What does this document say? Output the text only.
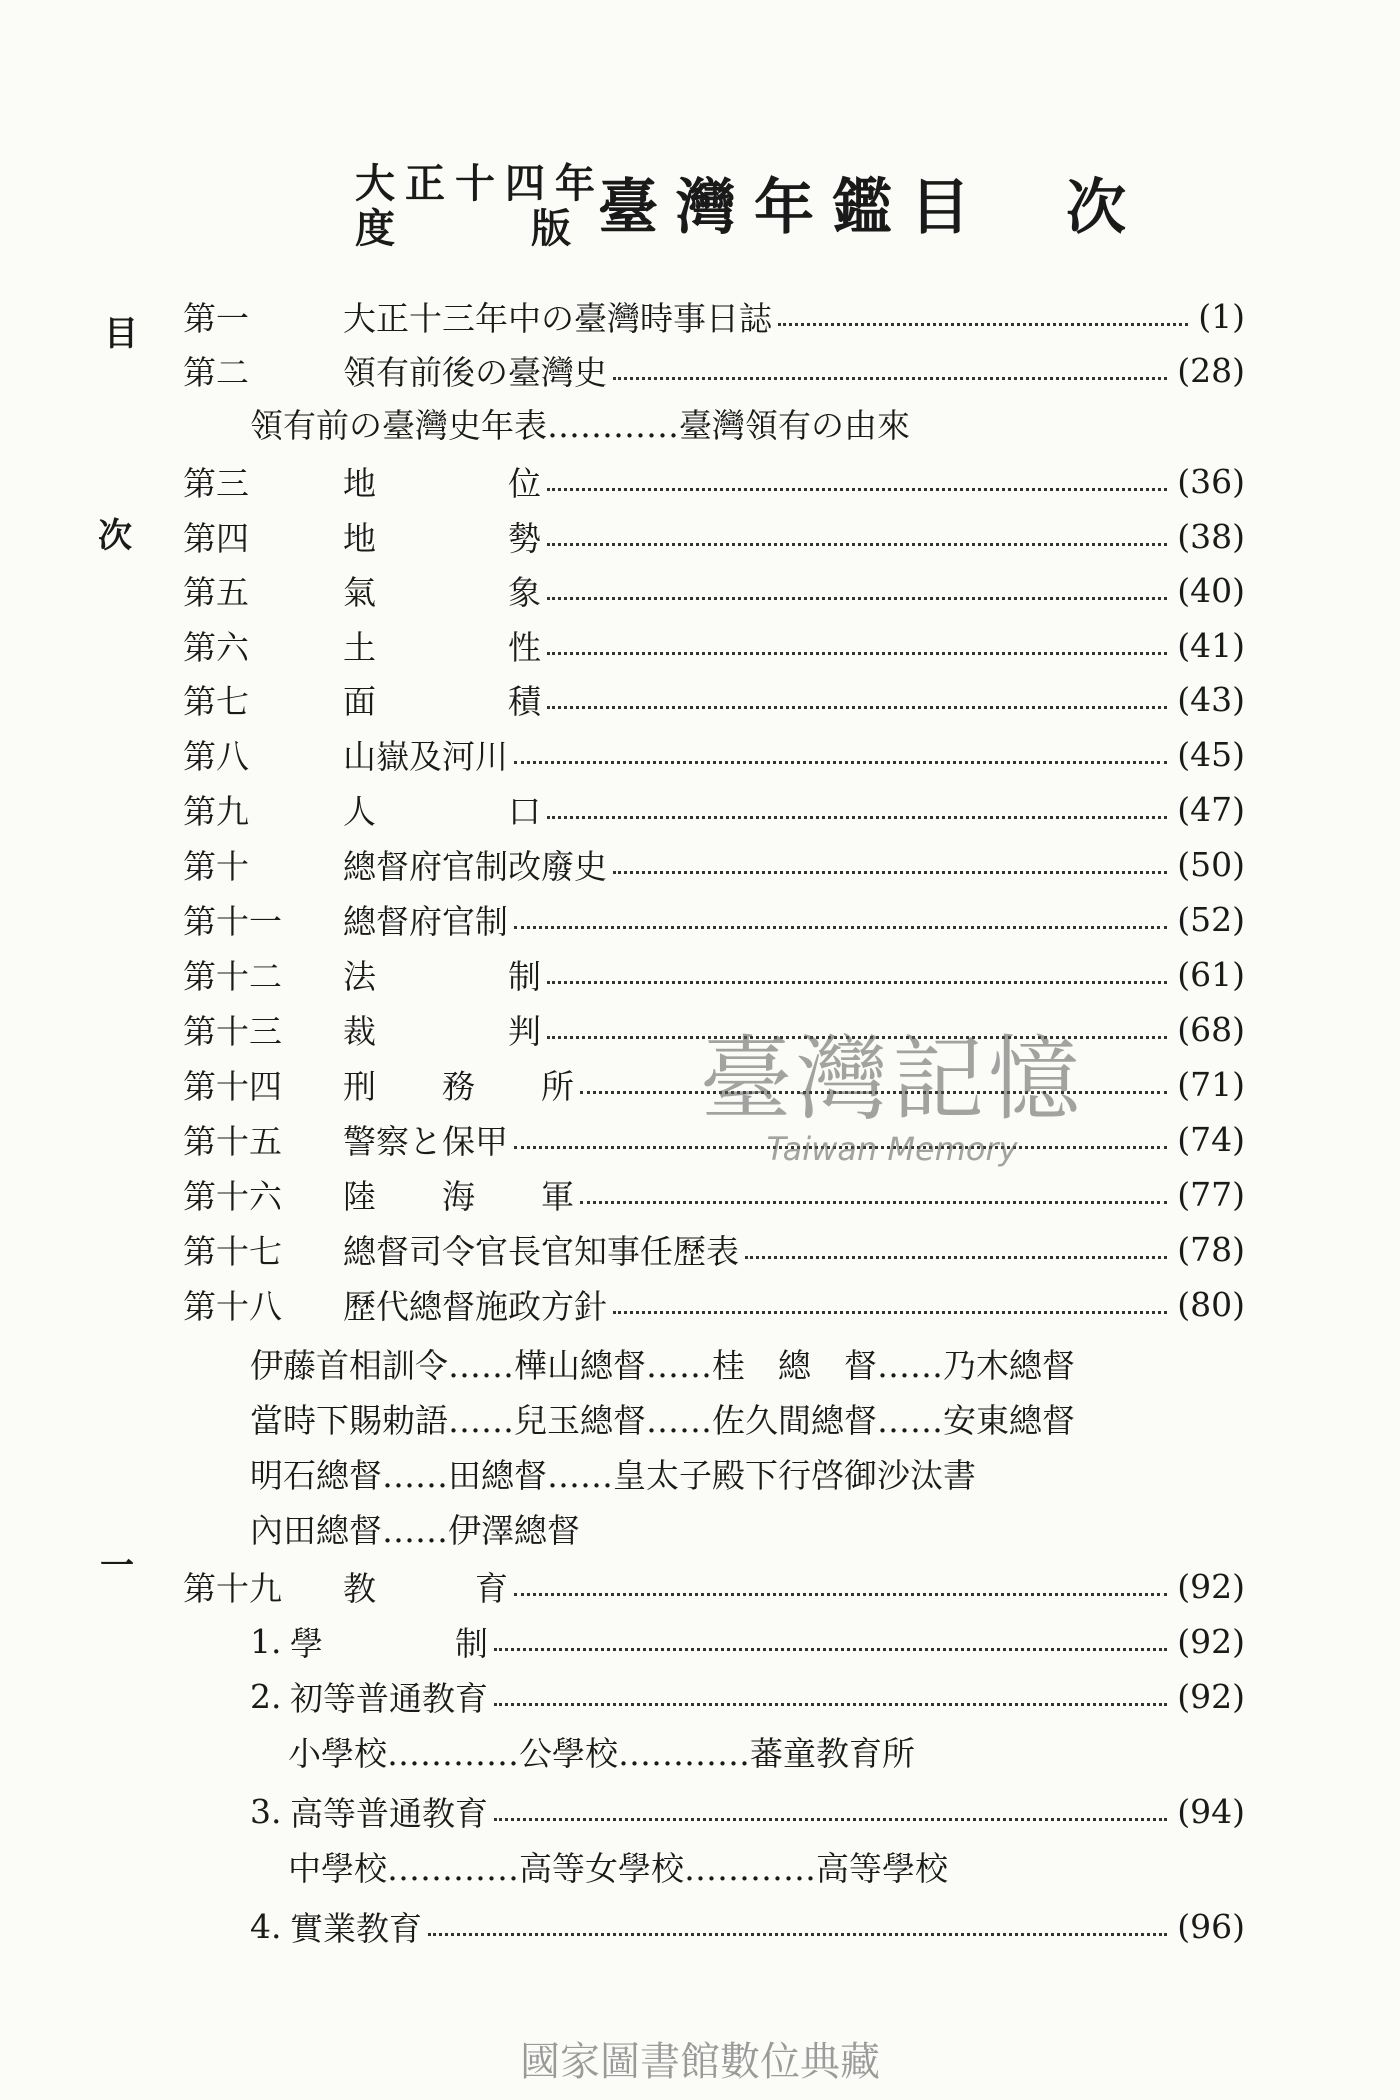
大正十四年
度　版
臺灣年鑑目　次
目
次
一
第一	大正十三年中の臺灣時事日誌	(1)
第二	領有前後の臺灣史	(28)
領有前の臺灣史年表…………臺灣領有の由來
第三	地　　　　位	(36)
第四	地　　　　勢	(38)
第五	氣　　　　象	(40)
第六	土　　　　性	(41)
第七	面　　　　積	(43)
第八	山嶽及河川	(45)
第九	人　　　　口	(47)
第十	總督府官制改廢史	(50)
第十一	總督府官制	(52)
第十二	法　　　　制	(61)
第十三	裁　　　　判	(68)
第十四	刑　　務　　所	(71)
第十五	警察と保甲	(74)
第十六	陸　　海　　軍	(77)
第十七	總督司令官長官知事任歷表	(78)
第十八	歷代總督施政方針	(80)
伊藤首相訓令……樺山總督……桂　總　督……乃木總督
當時下賜勅語……兒玉總督……佐久間總督……安東總督
明石總督……田總督……皇太子殿下行啓御沙汰書
內田總督……伊澤總督
第十九	教　　　育	(92)
1. 學　　　　制	(92)
2. 初等普通教育	(92)
小學校…………公學校…………蕃童教育所
3. 高等普通教育	(94)
中學校…………高等女學校…………高等學校
4. 實業教育	(96)
臺灣記憶
Taiwan Memory
國家圖書館數位典藏
